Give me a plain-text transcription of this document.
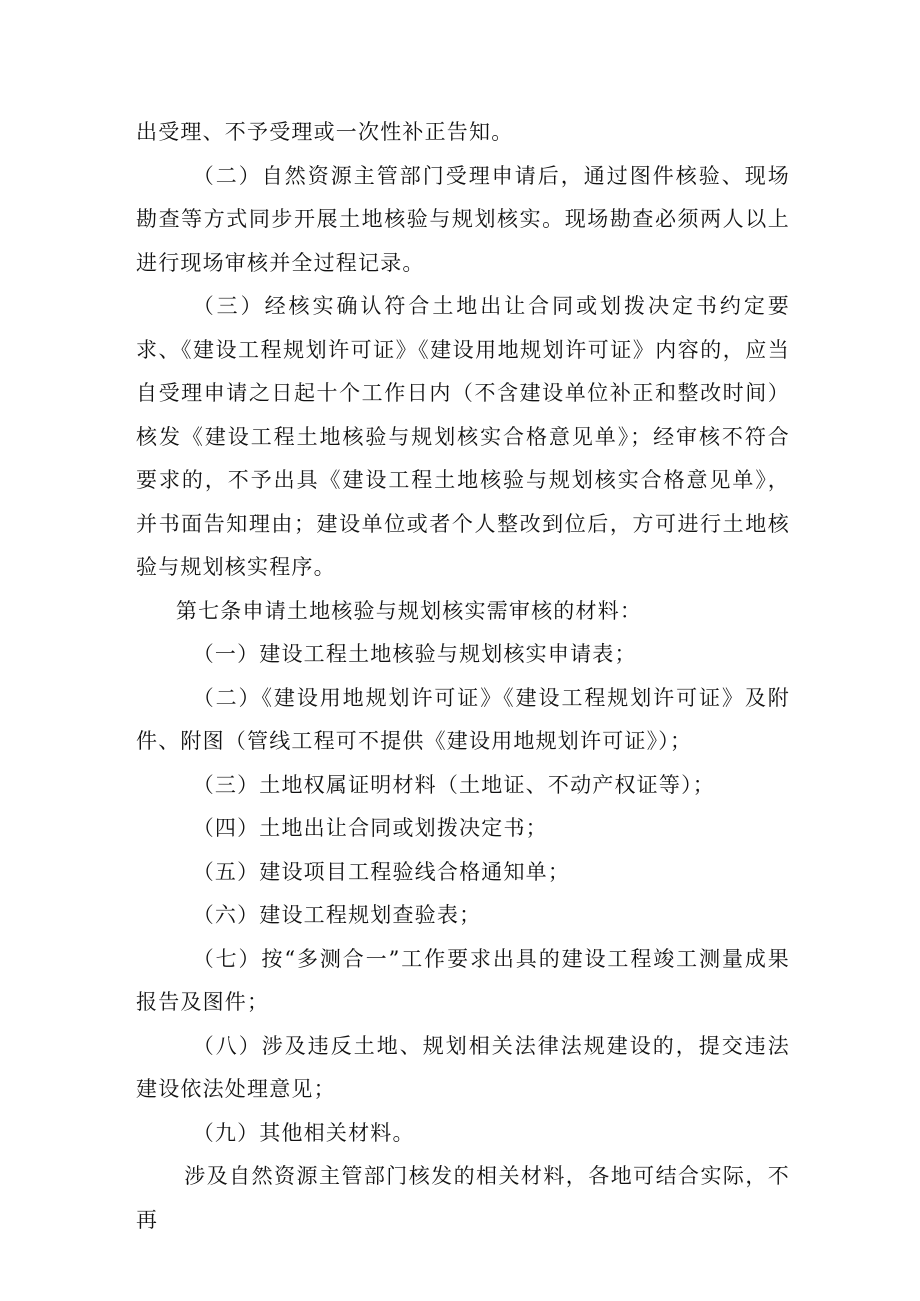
出受理、不予受理或一次性补正告知。

（二）自然资源主管部门受理申请后，通过图件核验、现场勘查等方式同步开展土地核验与规划核实。现场勘查必须两人以上进行现场审核并全过程记录。

（三）经核实确认符合土地出让合同或划拨决定书约定要求、《建设工程规划许可证》《建设用地规划许可证》内容的，应当自受理申请之日起十个工作日内（不含建设单位补正和整改时间）核发《建设工程土地核验与规划核实合格意见单》；经审核不符合要求的，不予出具《建设工程土地核验与规划核实合格意见单》，并书面告知理由；建设单位或者个人整改到位后，方可进行土地核验与规划核实程序。

第七条申请土地核验与规划核实需审核的材料：

（一）建设工程土地核验与规划核实申请表；

（二）《建设用地规划许可证》《建设工程规划许可证》及附件、附图（管线工程可不提供《建设用地规划许可证》）；

（三）土地权属证明材料（土地证、不动产权证等）；

（四）土地出让合同或划拨决定书；

（五）建设项目工程验线合格通知单；

（六）建设工程规划查验表；

（七）按“多测合一”工作要求出具的建设工程竣工测量成果报告及图件；

（八）涉及违反土地、规划相关法律法规建设的，提交违法建设依法处理意见；

（九）其他相关材料。

涉及自然资源主管部门核发的相关材料，各地可结合实际，不再
